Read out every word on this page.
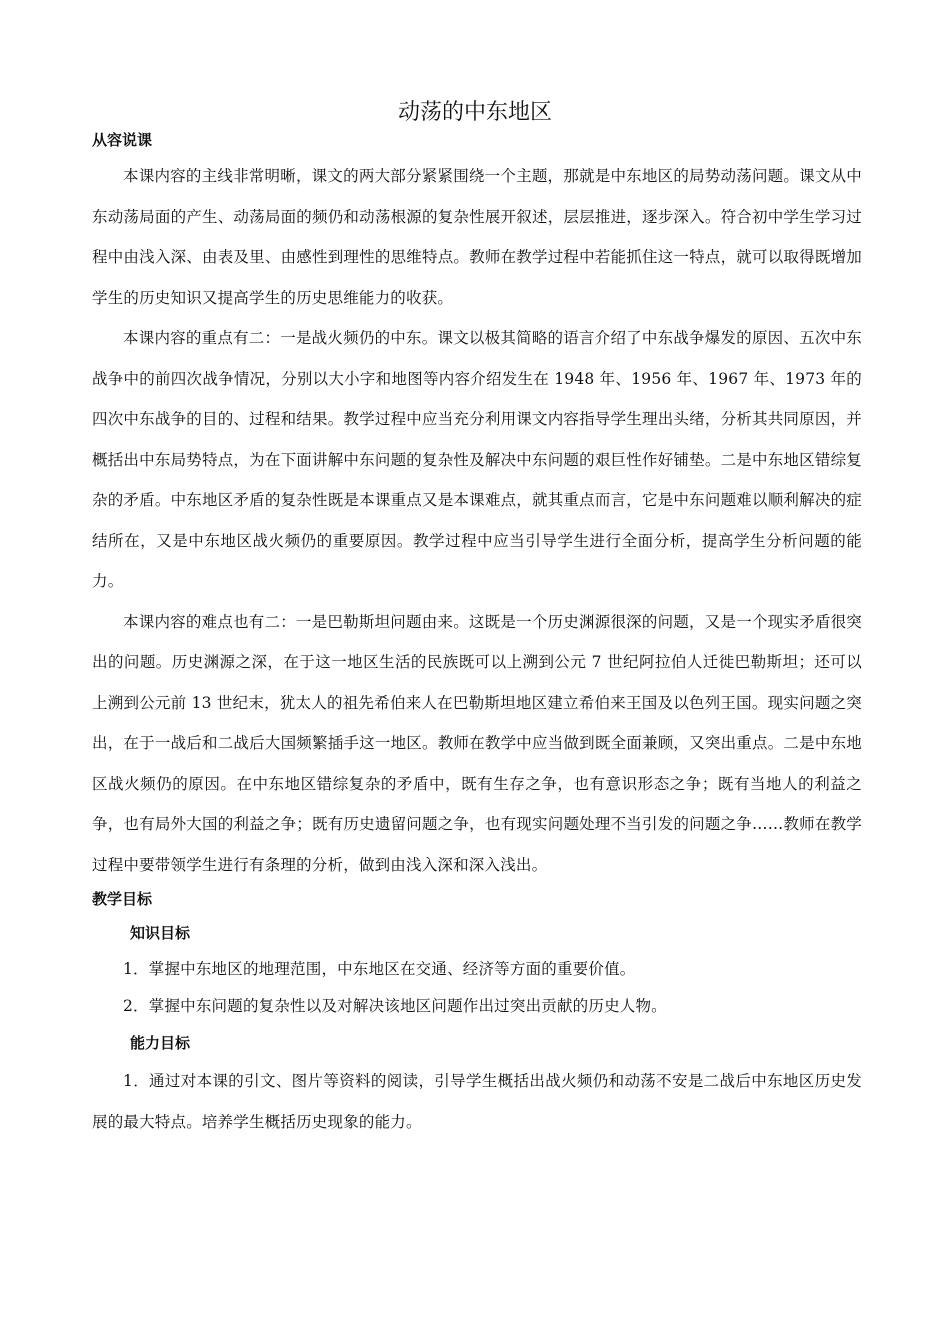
动荡的中东地区
从容说课

本课内容的主线非常明晰，课文的两大部分紧紧围绕一个主题，那就是中东地区的局势动荡问题。课文从中东动荡局面的产生、动荡局面的频仍和动荡根源的复杂性展开叙述，层层推进，逐步深入。符合初中学生学习过程中由浅入深、由表及里、由感性到理性的思维特点。教师在教学过程中若能抓住这一特点，就可以取得既增加学生的历史知识又提高学生的历史思维能力的收获。

本课内容的重点有二：一是战火频仍的中东。课文以极其简略的语言介绍了中东战争爆发的原因、五次中东战争中的前四次战争情况，分别以大小字和地图等内容介绍发生在 1948 年、1956 年、1967 年、1973 年的四次中东战争的目的、过程和结果。教学过程中应当充分利用课文内容指导学生理出头绪，分析其共同原因，并概括出中东局势特点，为在下面讲解中东问题的复杂性及解决中东问题的艰巨性作好铺垫。二是中东地区错综复杂的矛盾。中东地区矛盾的复杂性既是本课重点又是本课难点，就其重点而言，它是中东问题难以顺利解决的症结所在，又是中东地区战火频仍的重要原因。教学过程中应当引导学生进行全面分析，提高学生分析问题的能力。

本课内容的难点也有二：一是巴勒斯坦问题由来。这既是一个历史渊源很深的问题，又是一个现实矛盾很突出的问题。历史渊源之深，在于这一地区生活的民族既可以上溯到公元 7 世纪阿拉伯人迁徙巴勒斯坦；还可以上溯到公元前 13 世纪末，犹太人的祖先希伯来人在巴勒斯坦地区建立希伯来王国及以色列王国。现实问题之突出，在于一战后和二战后大国频繁插手这一地区。教师在教学中应当做到既全面兼顾，又突出重点。二是中东地区战火频仍的原因。在中东地区错综复杂的矛盾中，既有生存之争，也有意识形态之争；既有当地人的利益之争，也有局外大国的利益之争；既有历史遗留问题之争，也有现实问题处理不当引发的问题之争……教师在教学过程中要带领学生进行有条理的分析，做到由浅入深和深入浅出。

教学目标
知识目标

1．掌握中东地区的地理范围，中东地区在交通、经济等方面的重要价值。

2．掌握中东问题的复杂性以及对解决该地区问题作出过突出贡献的历史人物。

能力目标

1．通过对本课的引文、图片等资料的阅读，引导学生概括出战火频仍和动荡不安是二战后中东地区历史发展的最大特点。培养学生概括历史现象的能力。
